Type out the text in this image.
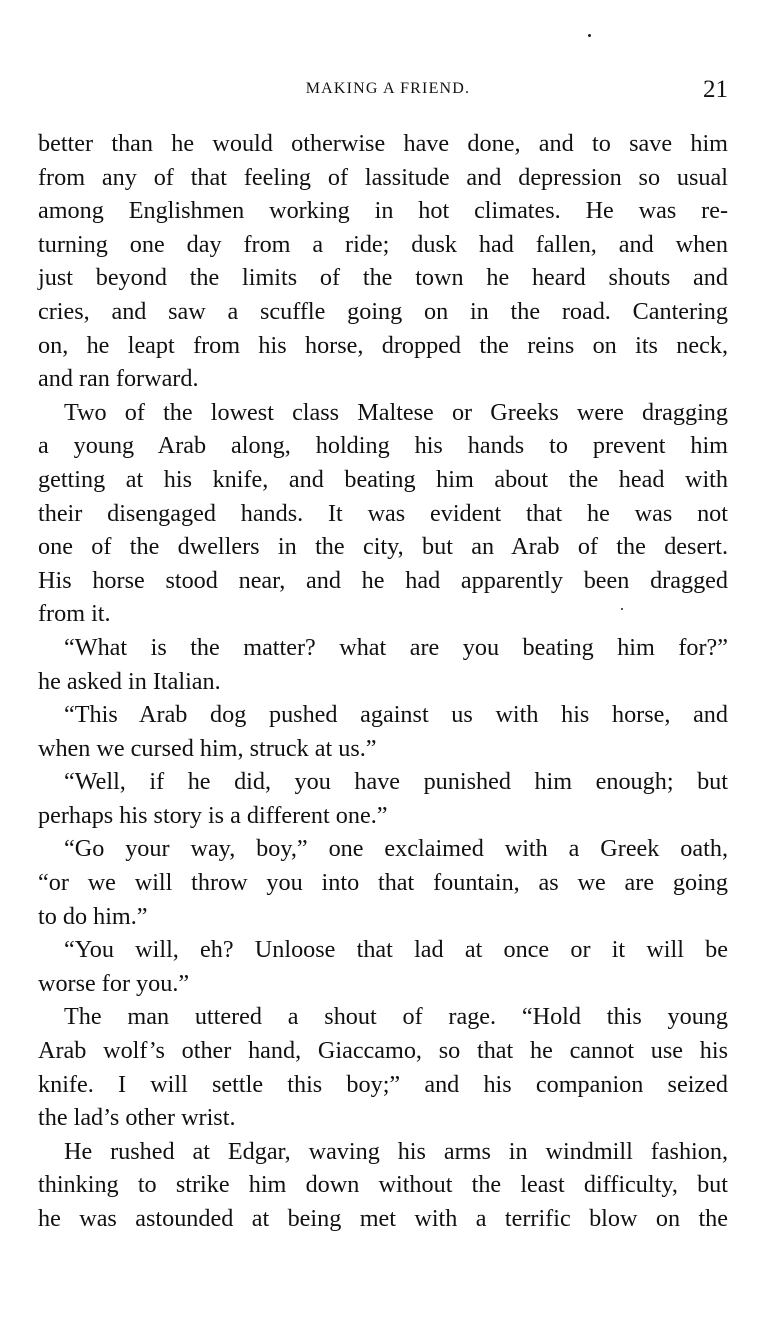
MAKING A FRIEND.	21
better than he would otherwise have done, and to save him
from any of that feeling of lassitude and depression so usual
among Englishmen working in hot climates. He was re-
turning one day from a ride; dusk had fallen, and when
just beyond the limits of the town he heard shouts and
cries, and saw a scuffle going on in the road. Cantering
on, he leapt from his horse, dropped the reins on its neck,
and ran forward.
Two of the lowest class Maltese or Greeks were dragging
a young Arab along, holding his hands to prevent him
getting at his knife, and beating him about the head with
their disengaged hands. It was evident that he was not
one of the dwellers in the city, but an Arab of the desert.
His horse stood near, and he had apparently been dragged
from it.
“What is the matter? what are you beating him for?”
he asked in Italian.
“This Arab dog pushed against us with his horse, and
when we cursed him, struck at us.”
“Well, if he did, you have punished him enough; but
perhaps his story is a different one.”
“Go your way, boy,” one exclaimed with a Greek oath,
“or we will throw you into that fountain, as we are going
to do him.”
“You will, eh? Unloose that lad at once or it will be
worse for you.”
The man uttered a shout of rage. “Hold this young
Arab wolf’s other hand, Giaccamo, so that he cannot use his
knife. I will settle this boy;” and his companion seized
the lad’s other wrist.
He rushed at Edgar, waving his arms in windmill fashion,
thinking to strike him down without the least difficulty, but
he was astounded at being met with a terrific blow on the
